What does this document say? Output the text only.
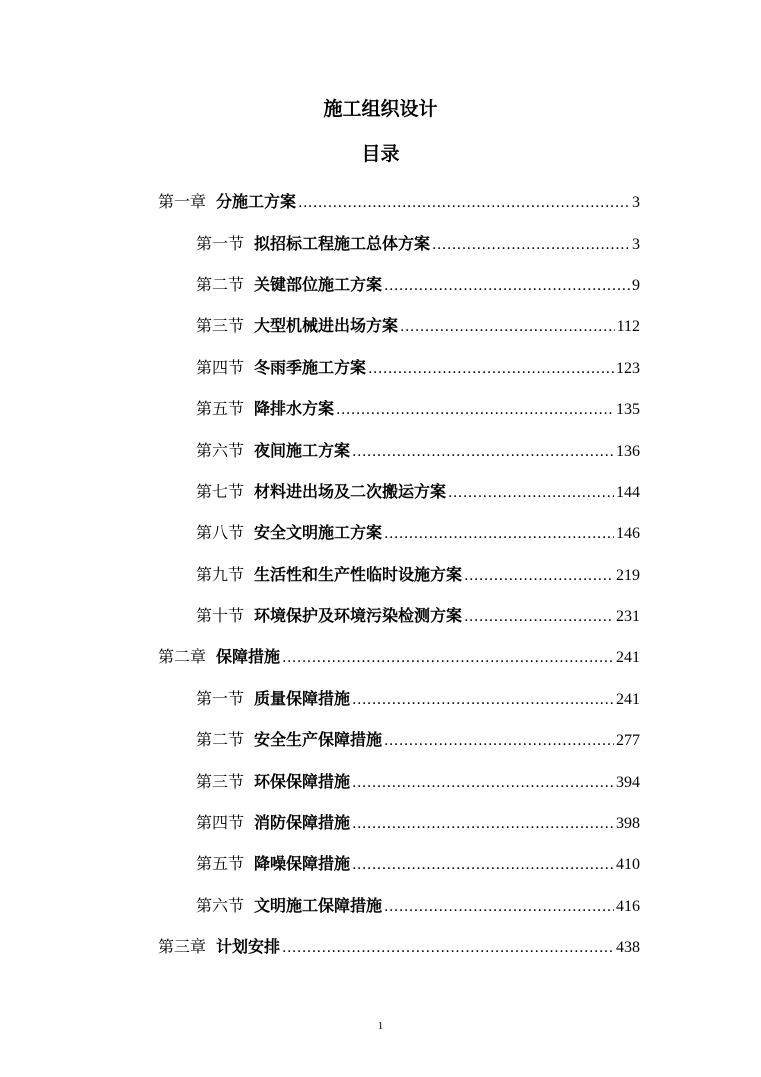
施工组织设计
目录
第一章 分施工方案 .....	3
第一节 拟招标工程施工总体方案 .....	3
第二节 关键部位施工方案 .....	9
第三节 大型机械进出场方案 .....	112
第四节 冬雨季施工方案 .....	123
第五节 降排水方案 .....	135
第六节 夜间施工方案 .....	136
第七节 材料进出场及二次搬运方案 .....	144
第八节 安全文明施工方案 .....	146
第九节 生活性和生产性临时设施方案 .....	219
第十节 环境保护及环境污染检测方案 .....	231
第二章 保障措施 .....	241
第一节 质量保障措施 .....	241
第二节 安全生产保障措施 .....	277
第三节 环保保障措施 .....	394
第四节 消防保障措施 .....	398
第五节 降噪保障措施 .....	410
第六节 文明施工保障措施 .....	416
第三章 计划安排 .....	438
1
